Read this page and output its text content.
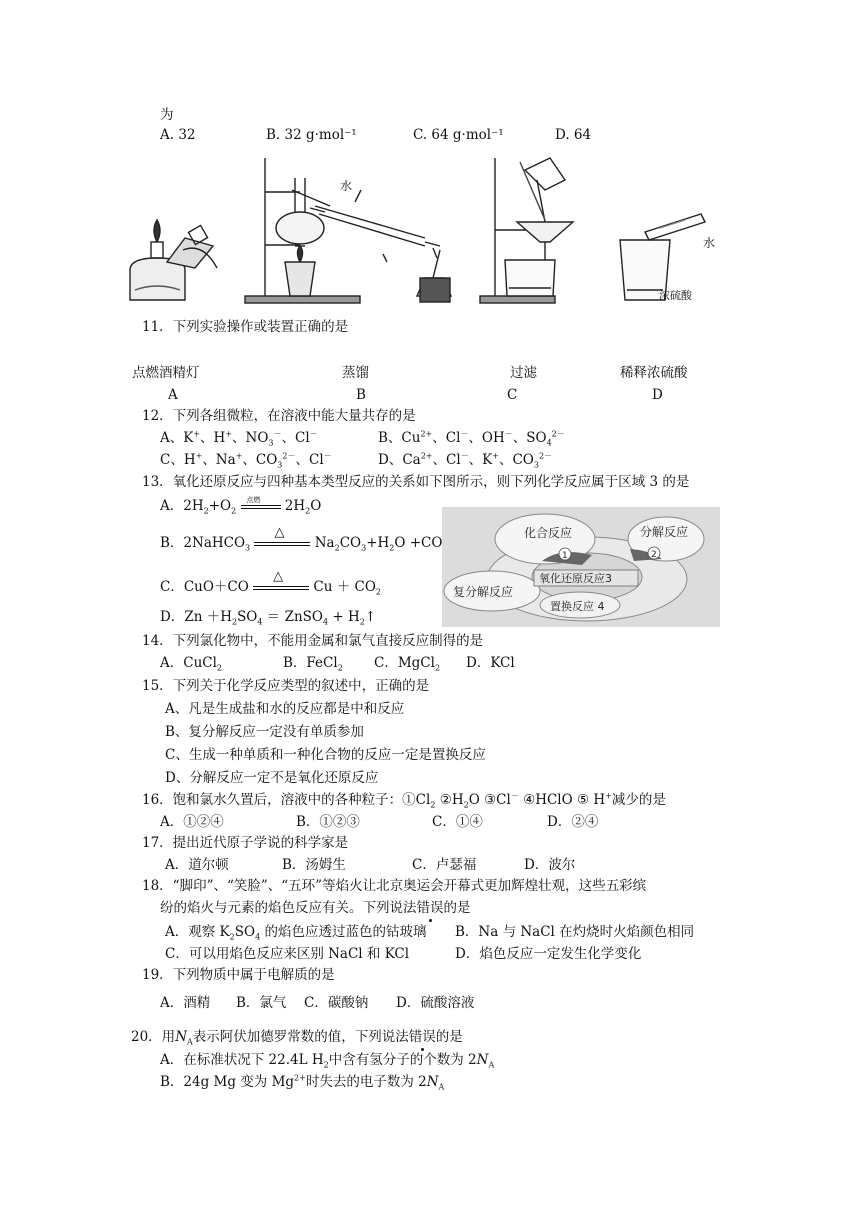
为
A. 32	B. 32 g·mol⁻¹	C. 64 g·mol⁻¹	D. 64
水
水
浓硫酸
11．下列实验操作或装置正确的是
点燃酒精灯	蒸馏	过滤	稀释浓硫酸
A	B	C	D
12．下列各组微粒，在溶液中能大量共存的是
A、K+、H+、$NO_3^-$、Cl－	B、$Cu^{2+}$、Cl－、OH－、$SO_4^{2-}$
C、H+、Na+、$CO_3^{2-}$、Cl－	D、$Ca^{2+}$、Cl－、K+、$CO_3^{2-}$
13．氧化还原反应与四种基本类型反应的关系如下图所示，则下列化学反应属于区域 3 的是
A．$2H_2+O_2$
点燃 $2H_2O$
B．2NaHCO$_3$
△
$Na_2CO_3+H_2O +CO$
C．CuO＋CO
△
$Cu + CO_2$
D．$Zn +H_2SO_4$ ＝ ZnSO$_4$ + $H_2↑$
化合反应	分解反应
复分解反应
氧化还原反应3
置换反应 4
1	2
14．下列氯化物中，不能用金属和氯气直接反应制得的是
A．CuCl$_2$	B．FeCl$_2$ C．MgCl$_2$ D．KCl
15．下列关于化学反应类型的叙述中，正确的是
A、凡是生成盐和水的反应都是中和反应
B、复分解反应一定没有单质参加
C、生成一种单质和一种化合物的反应一定是置换反应
D、分解反应一定不是氧化还原反应
16．饱和氯水久置后，溶液中的各种粒子：$①Cl_2$ $②H_2O$ ③Cl－ ④HClO ⑤ H+减少的是
A．①②④	B．①②③	C．①④	D．②④
17．提出近代原子学说的科学家是
A．道尔顿	B．汤姆生	C．卢瑟福	D．波尔
18．“脚印”、“笑脸”、“五环”等焰火让北京奥运会开幕式更加辉煌壮观，这些五彩缤
纷的焰火与元素的焰色反应有关。下列说法错误的是
A．观察 $K_2SO_4$ 的焰色应透过蓝色的钴玻璃 B．Na 与 NaCl 在灼烧时火焰颜色相同
C．可以用焰色反应来区别 NaCl 和 KCl	D．焰色反应一定发生化学变化
19．下列物质中属于电解质的是
A．酒精 B．氯气 C．碳酸钠 D．硫酸溶液
20．用$N_A$表示阿伏加德罗常数的值，下列说法错误的是
A．在标准状况下 22.4L $H_2$中含有氢分子的个数为 $2N_A$
B．24g Mg 变为 $Mg^{2+}$时失去的电子数为 $2N_A$
